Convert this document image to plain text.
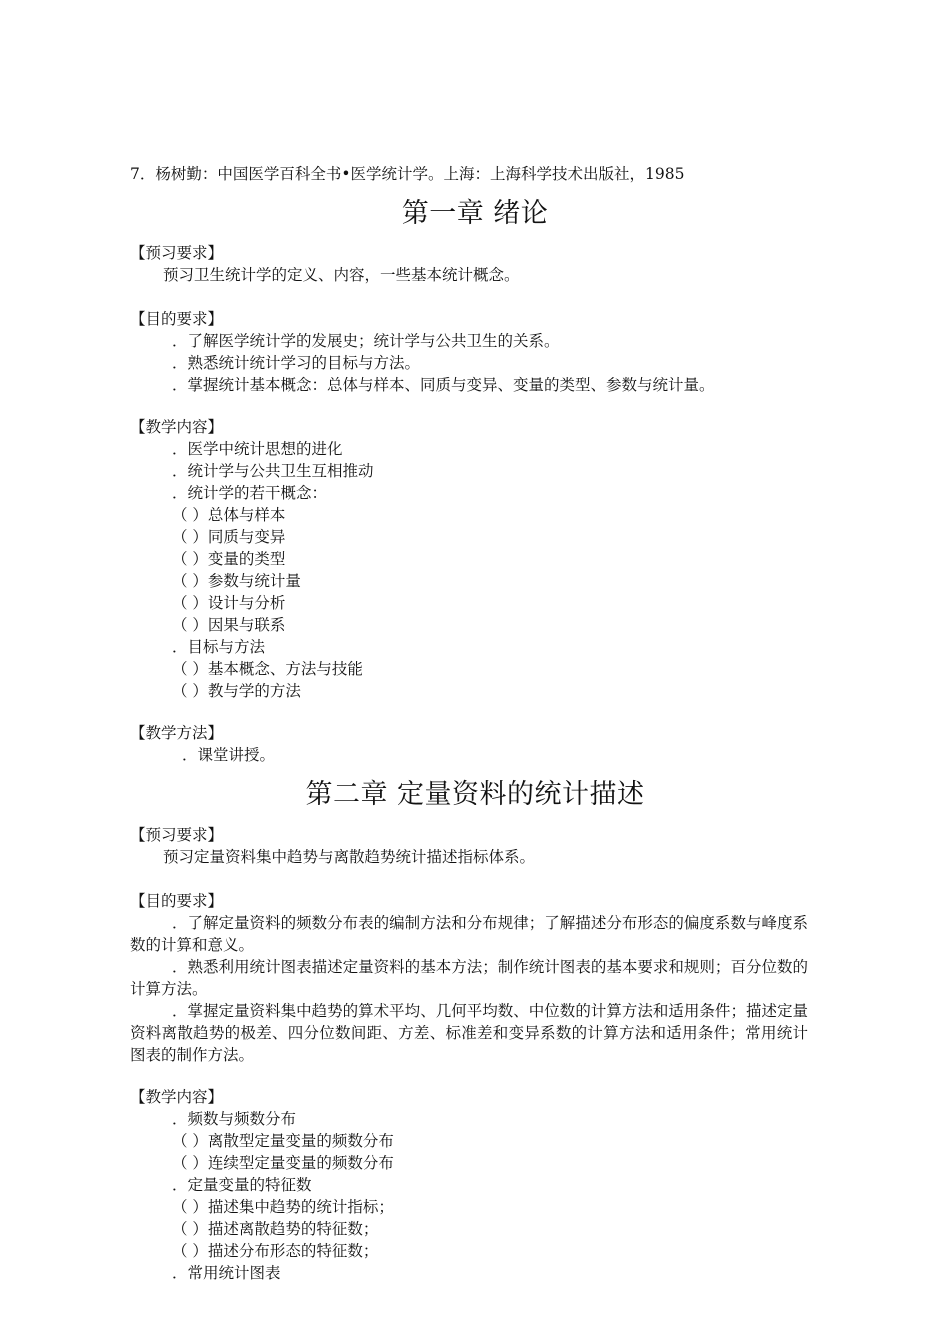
7．杨树勤：中国医学百科全书•医学统计学。上海：上海科学技术出版社，1985
第一章 绪论
【预习要求】
预习卫生统计学的定义、内容，一些基本统计概念。
【目的要求】
．了解医学统计学的发展史；统计学与公共卫生的关系。
．熟悉统计统计学习的目标与方法。
．掌握统计基本概念：总体与样本、同质与变异、变量的类型、参数与统计量。
【教学内容】
．医学中统计思想的进化
．统计学与公共卫生互相推动
．统计学的若干概念：
（ ）总体与样本
（ ）同质与变异
（ ）变量的类型
（ ）参数与统计量
（ ）设计与分析
（ ）因果与联系
．目标与方法
（ ）基本概念、方法与技能
（ ）教与学的方法
【教学方法】
．课堂讲授。
第二章 定量资料的统计描述
【预习要求】
预习定量资料集中趋势与离散趋势统计描述指标体系。
【目的要求】
．了解定量资料的频数分布表的编制方法和分布规律；了解描述分布形态的偏度系数与峰度系数的计算和意义。
．熟悉利用统计图表描述定量资料的基本方法；制作统计图表的基本要求和规则；百分位数的计算方法。
．掌握定量资料集中趋势的算术平均、几何平均数、中位数的计算方法和适用条件；描述定量资料离散趋势的极差、四分位数间距、方差、标准差和变异系数的计算方法和适用条件；常用统计图表的制作方法。
【教学内容】
．频数与频数分布
（ ）离散型定量变量的频数分布
（ ）连续型定量变量的频数分布
．定量变量的特征数
（ ）描述集中趋势的统计指标；
（ ）描述离散趋势的特征数；
（ ）描述分布形态的特征数；
．常用统计图表
